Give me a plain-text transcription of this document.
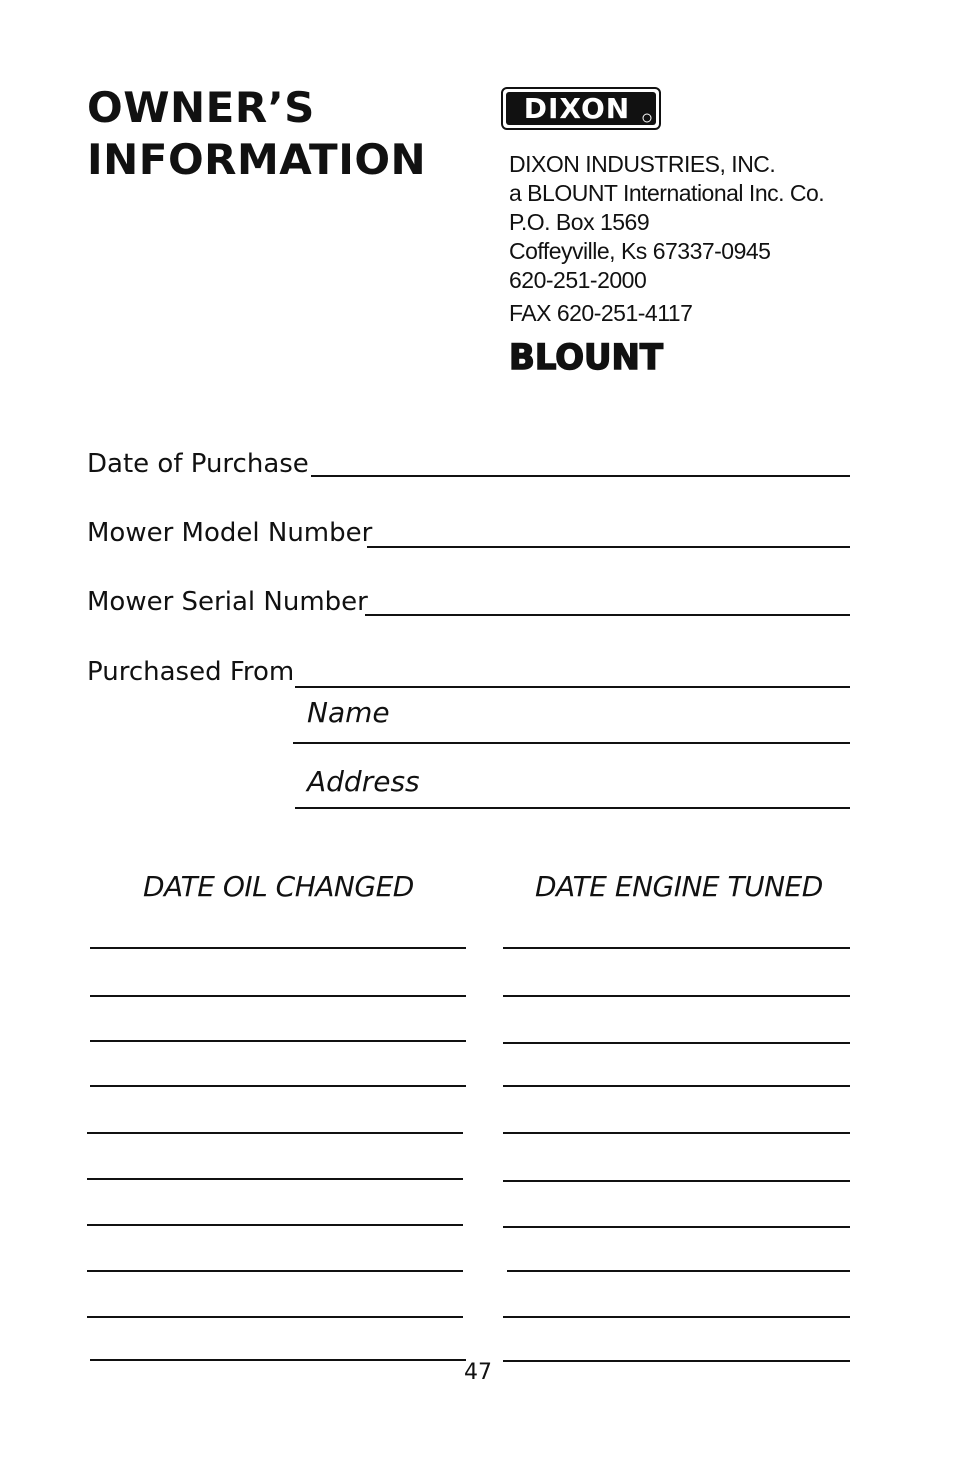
OWNER’S
INFORMATION
DIXON
DIXON INDUSTRIES, INC.
a BLOUNT International Inc. Co.
P.O. Box 1569
Coffeyville, Ks 67337-0945
620-251-2000
FAX 620-251-4117
BLOUNT
Date of Purchase
Mower Model Number
Mower Serial Number
Purchased From
Name
Address
DATE OIL CHANGED	DATE ENGINE TUNED
47
